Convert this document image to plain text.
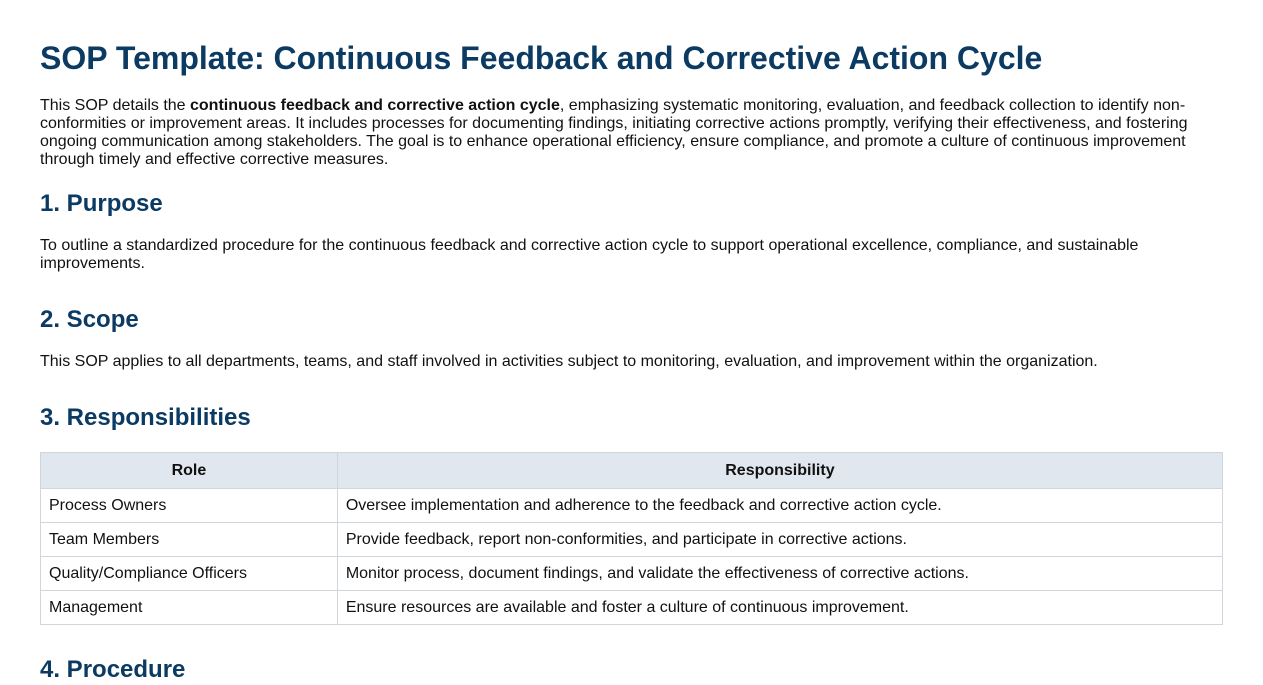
SOP Template: Continuous Feedback and Corrective Action Cycle

This SOP details the continuous feedback and corrective action cycle, emphasizing systematic monitoring, evaluation, and feedback collection to identify non-conformities or improvement areas. It includes processes for documenting findings, initiating corrective actions promptly, verifying their effectiveness, and fostering ongoing communication among stakeholders. The goal is to enhance operational efficiency, ensure compliance, and promote a culture of continuous improvement through timely and effective corrective measures.

1. Purpose

To outline a standardized procedure for the continuous feedback and corrective action cycle to support operational excellence, compliance, and sustainable improvements.

2. Scope

This SOP applies to all departments, teams, and staff involved in activities subject to monitoring, evaluation, and improvement within the organization.

3. Responsibilities
Role	Responsibility
Process Owners	Oversee implementation and adherence to the feedback and corrective action cycle.
Team Members	Provide feedback, report non-conformities, and participate in corrective actions.
Quality/Compliance Officers	Monitor process, document findings, and validate the effectiveness of corrective actions.
Management	Ensure resources are available and foster a culture of continuous improvement.
4. Procedure
